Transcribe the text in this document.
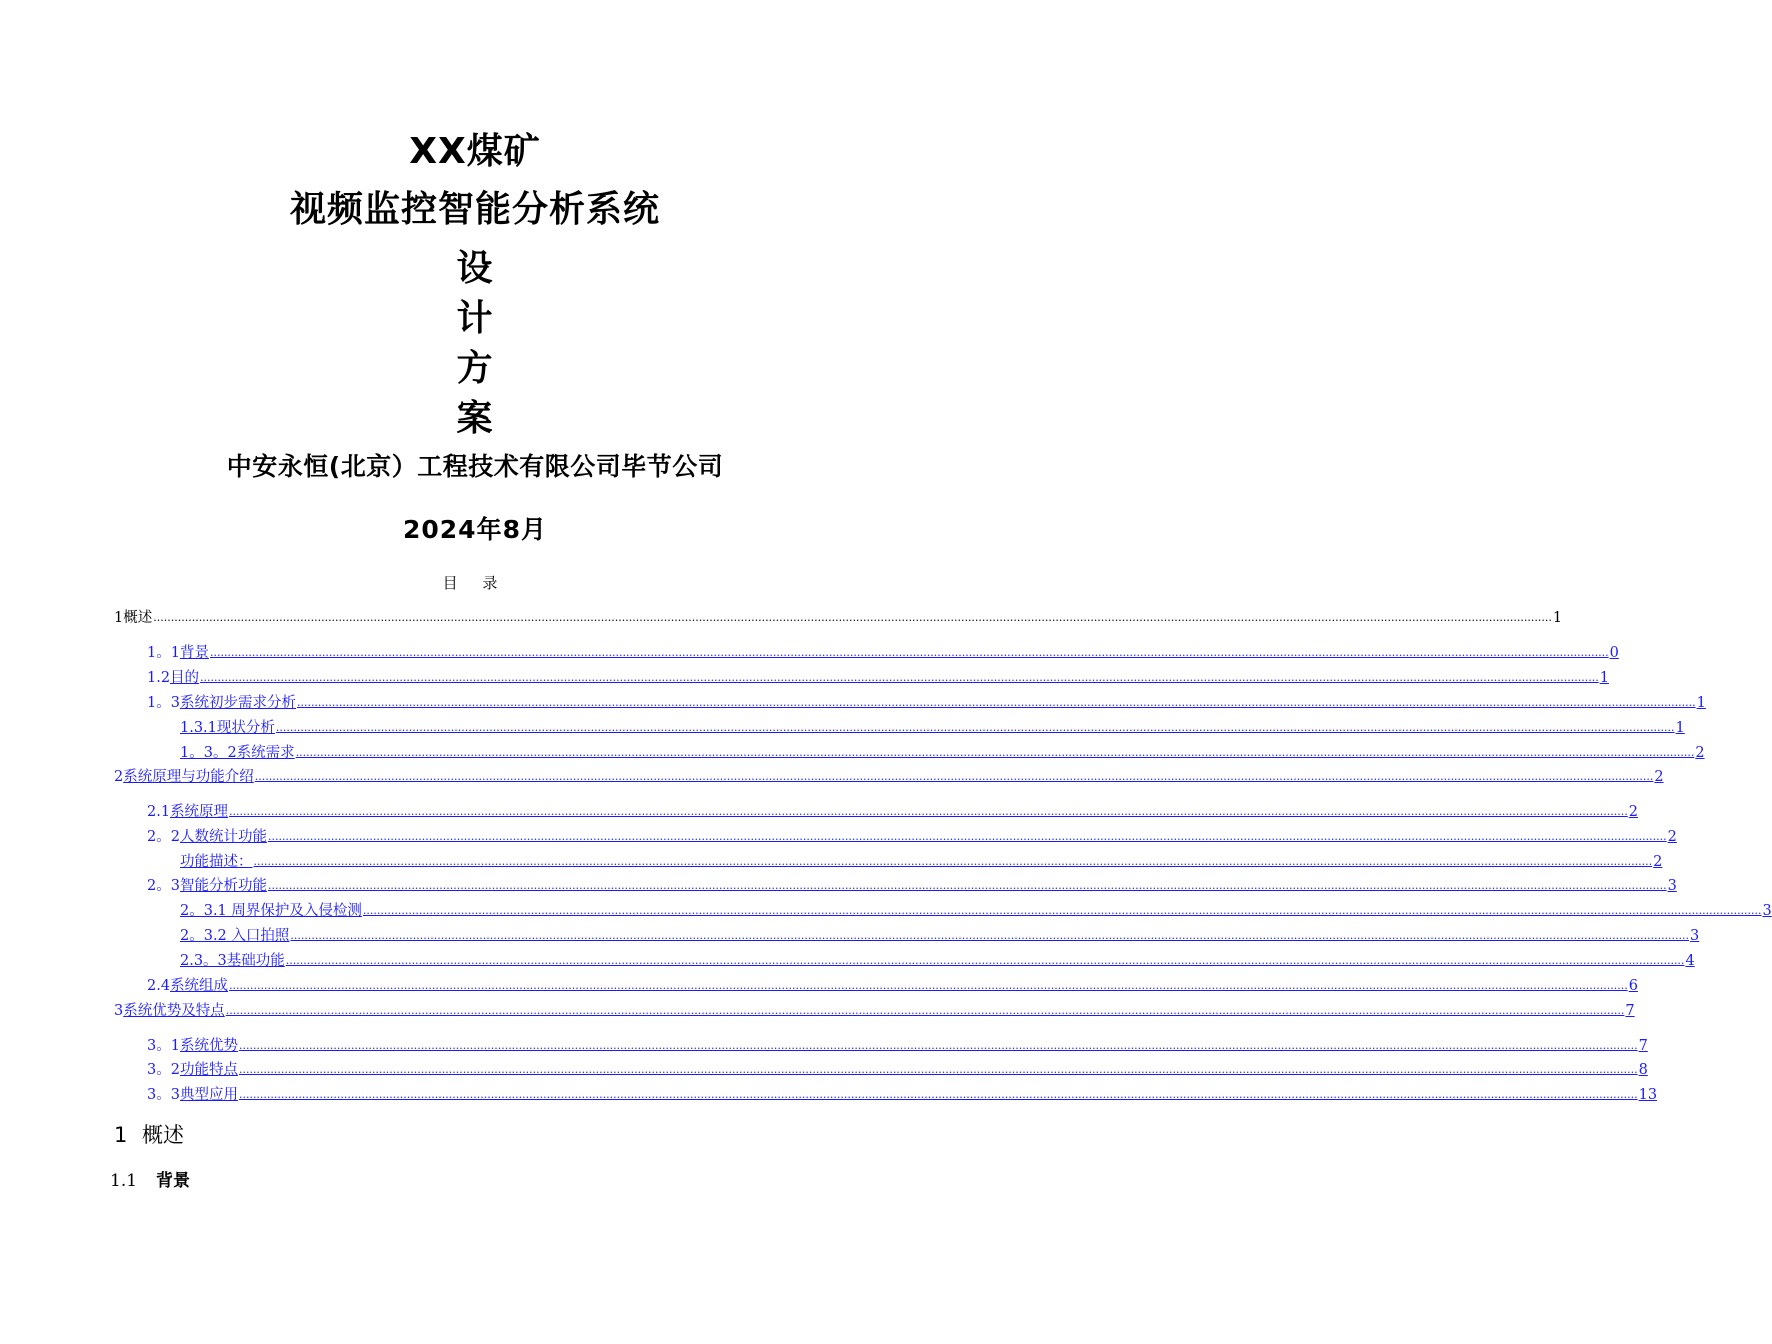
XX煤矿
视频监控智能分析系统
设
计
方
案
中安永恒(北京）工程技术有限公司毕节公司
2024年8月
目 录
1 概述 ................................................................................................................................................................................................................................................................................................................................................................................................................ 1
1。1 背景 ................................................................................................................................................................................................................................................................................................................................................................................................................ 0
1.2 目的 ................................................................................................................................................................................................................................................................................................................................................................................................................ 1
1。3 系统初步需求分析 ................................................................................................................................................................................................................................................................................................................................................................................................................ 1
1.3.1现状分析 ................................................................................................................................................................................................................................................................................................................................................................................................................ 1
1。3。2系统需求 ................................................................................................................................................................................................................................................................................................................................................................................................................ 2
2 系统原理与功能介绍 ................................................................................................................................................................................................................................................................................................................................................................................................................ 2
2.1 系统原理 ................................................................................................................................................................................................................................................................................................................................................................................................................ 2
2。2 人数统计功能 ................................................................................................................................................................................................................................................................................................................................................................................................................ 2
功能描述： ................................................................................................................................................................................................................................................................................................................................................................................................................ 2
2。3 智能分析功能 ................................................................................................................................................................................................................................................................................................................................................................................................................ 3
2。3.1 周界保护及入侵检测 ................................................................................................................................................................................................................................................................................................................................................................................................................ 3
2。3.2 入口拍照 ................................................................................................................................................................................................................................................................................................................................................................................................................ 3
2.3。3基础功能 ................................................................................................................................................................................................................................................................................................................................................................................................................ 4
2.4 系统组成 ................................................................................................................................................................................................................................................................................................................................................................................................................ 6
3 系统优势及特点 ................................................................................................................................................................................................................................................................................................................................................................................................................ 7
3。1 系统优势 ................................................................................................................................................................................................................................................................................................................................................................................................................ 7
3。2 功能特点 ................................................................................................................................................................................................................................................................................................................................................................................................................ 8
3。3 典型应用 ................................................................................................................................................................................................................................................................................................................................................................................................................ 13
1 概述
1.1 背景
